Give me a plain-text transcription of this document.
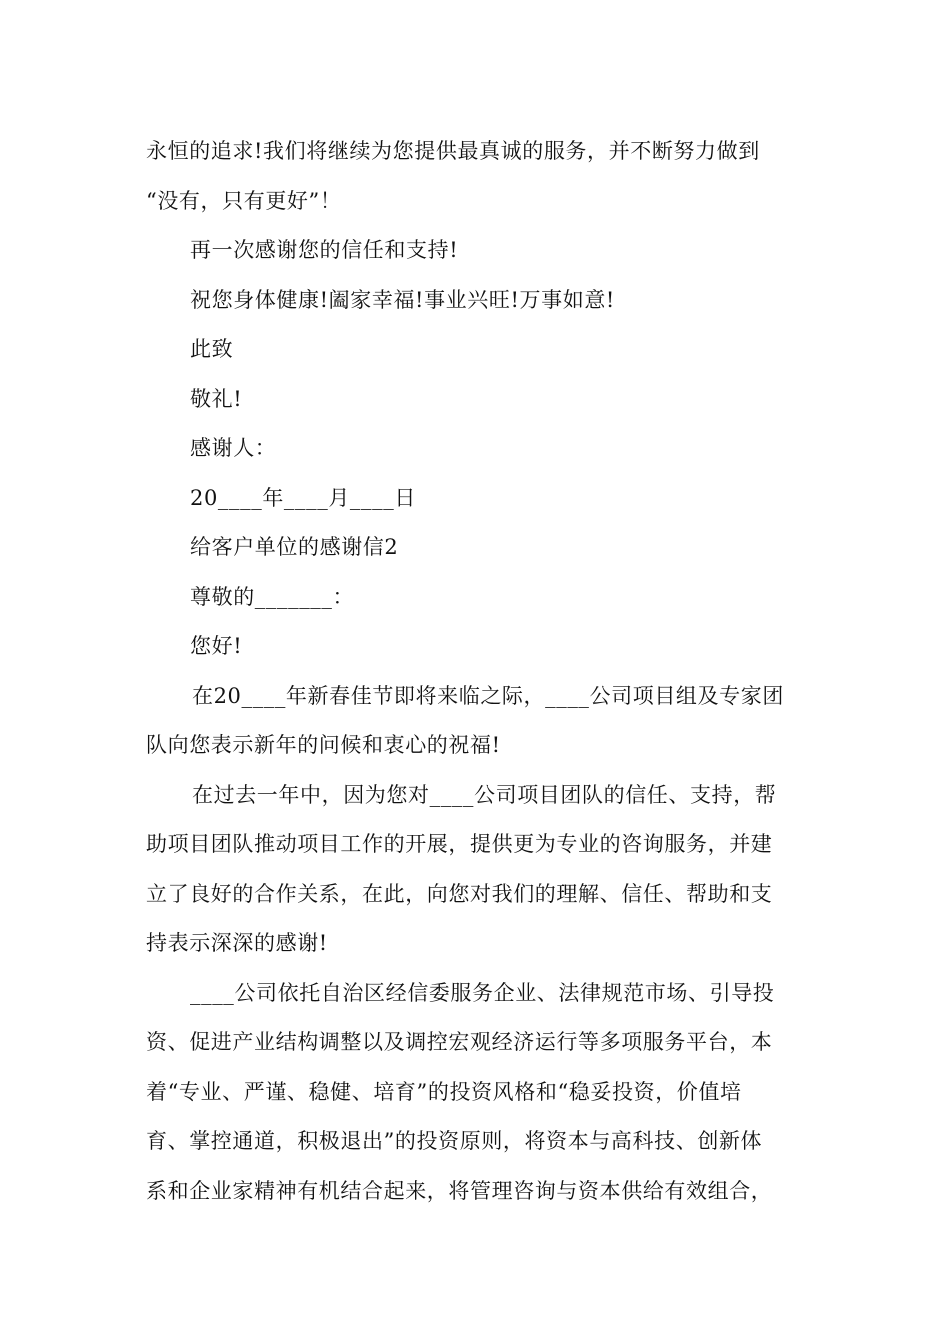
永恒的追求!我们将继续为您提供最真诚的服务，并不断努力做到
“没有，只有更好”！
再一次感谢您的信任和支持!
祝您身体健康!阖家幸福!事业兴旺!万事如意!
此致
敬礼!
感谢人：
20____年____月____日
给客户单位的感谢信2
尊敬的_______：
您好!
在20____年新春佳节即将来临之际，____公司项目组及专家团
队向您表示新年的问候和衷心的祝福!
在过去一年中，因为您对____公司项目团队的信任、支持，帮
助项目团队推动项目工作的开展，提供更为专业的咨询服务，并建
立了良好的合作关系，在此，向您对我们的理解、信任、帮助和支
持表示深深的感谢!
____公司依托自治区经信委服务企业、法律规范市场、引导投
资、促进产业结构调整以及调控宏观经济运行等多项服务平台，本
着“专业、严谨、稳健、培育”的投资风格和“稳妥投资，价值培
育、掌控通道，积极退出”的投资原则，将资本与高科技、创新体
系和企业家精神有机结合起来，将管理咨询与资本供给有效组合，
